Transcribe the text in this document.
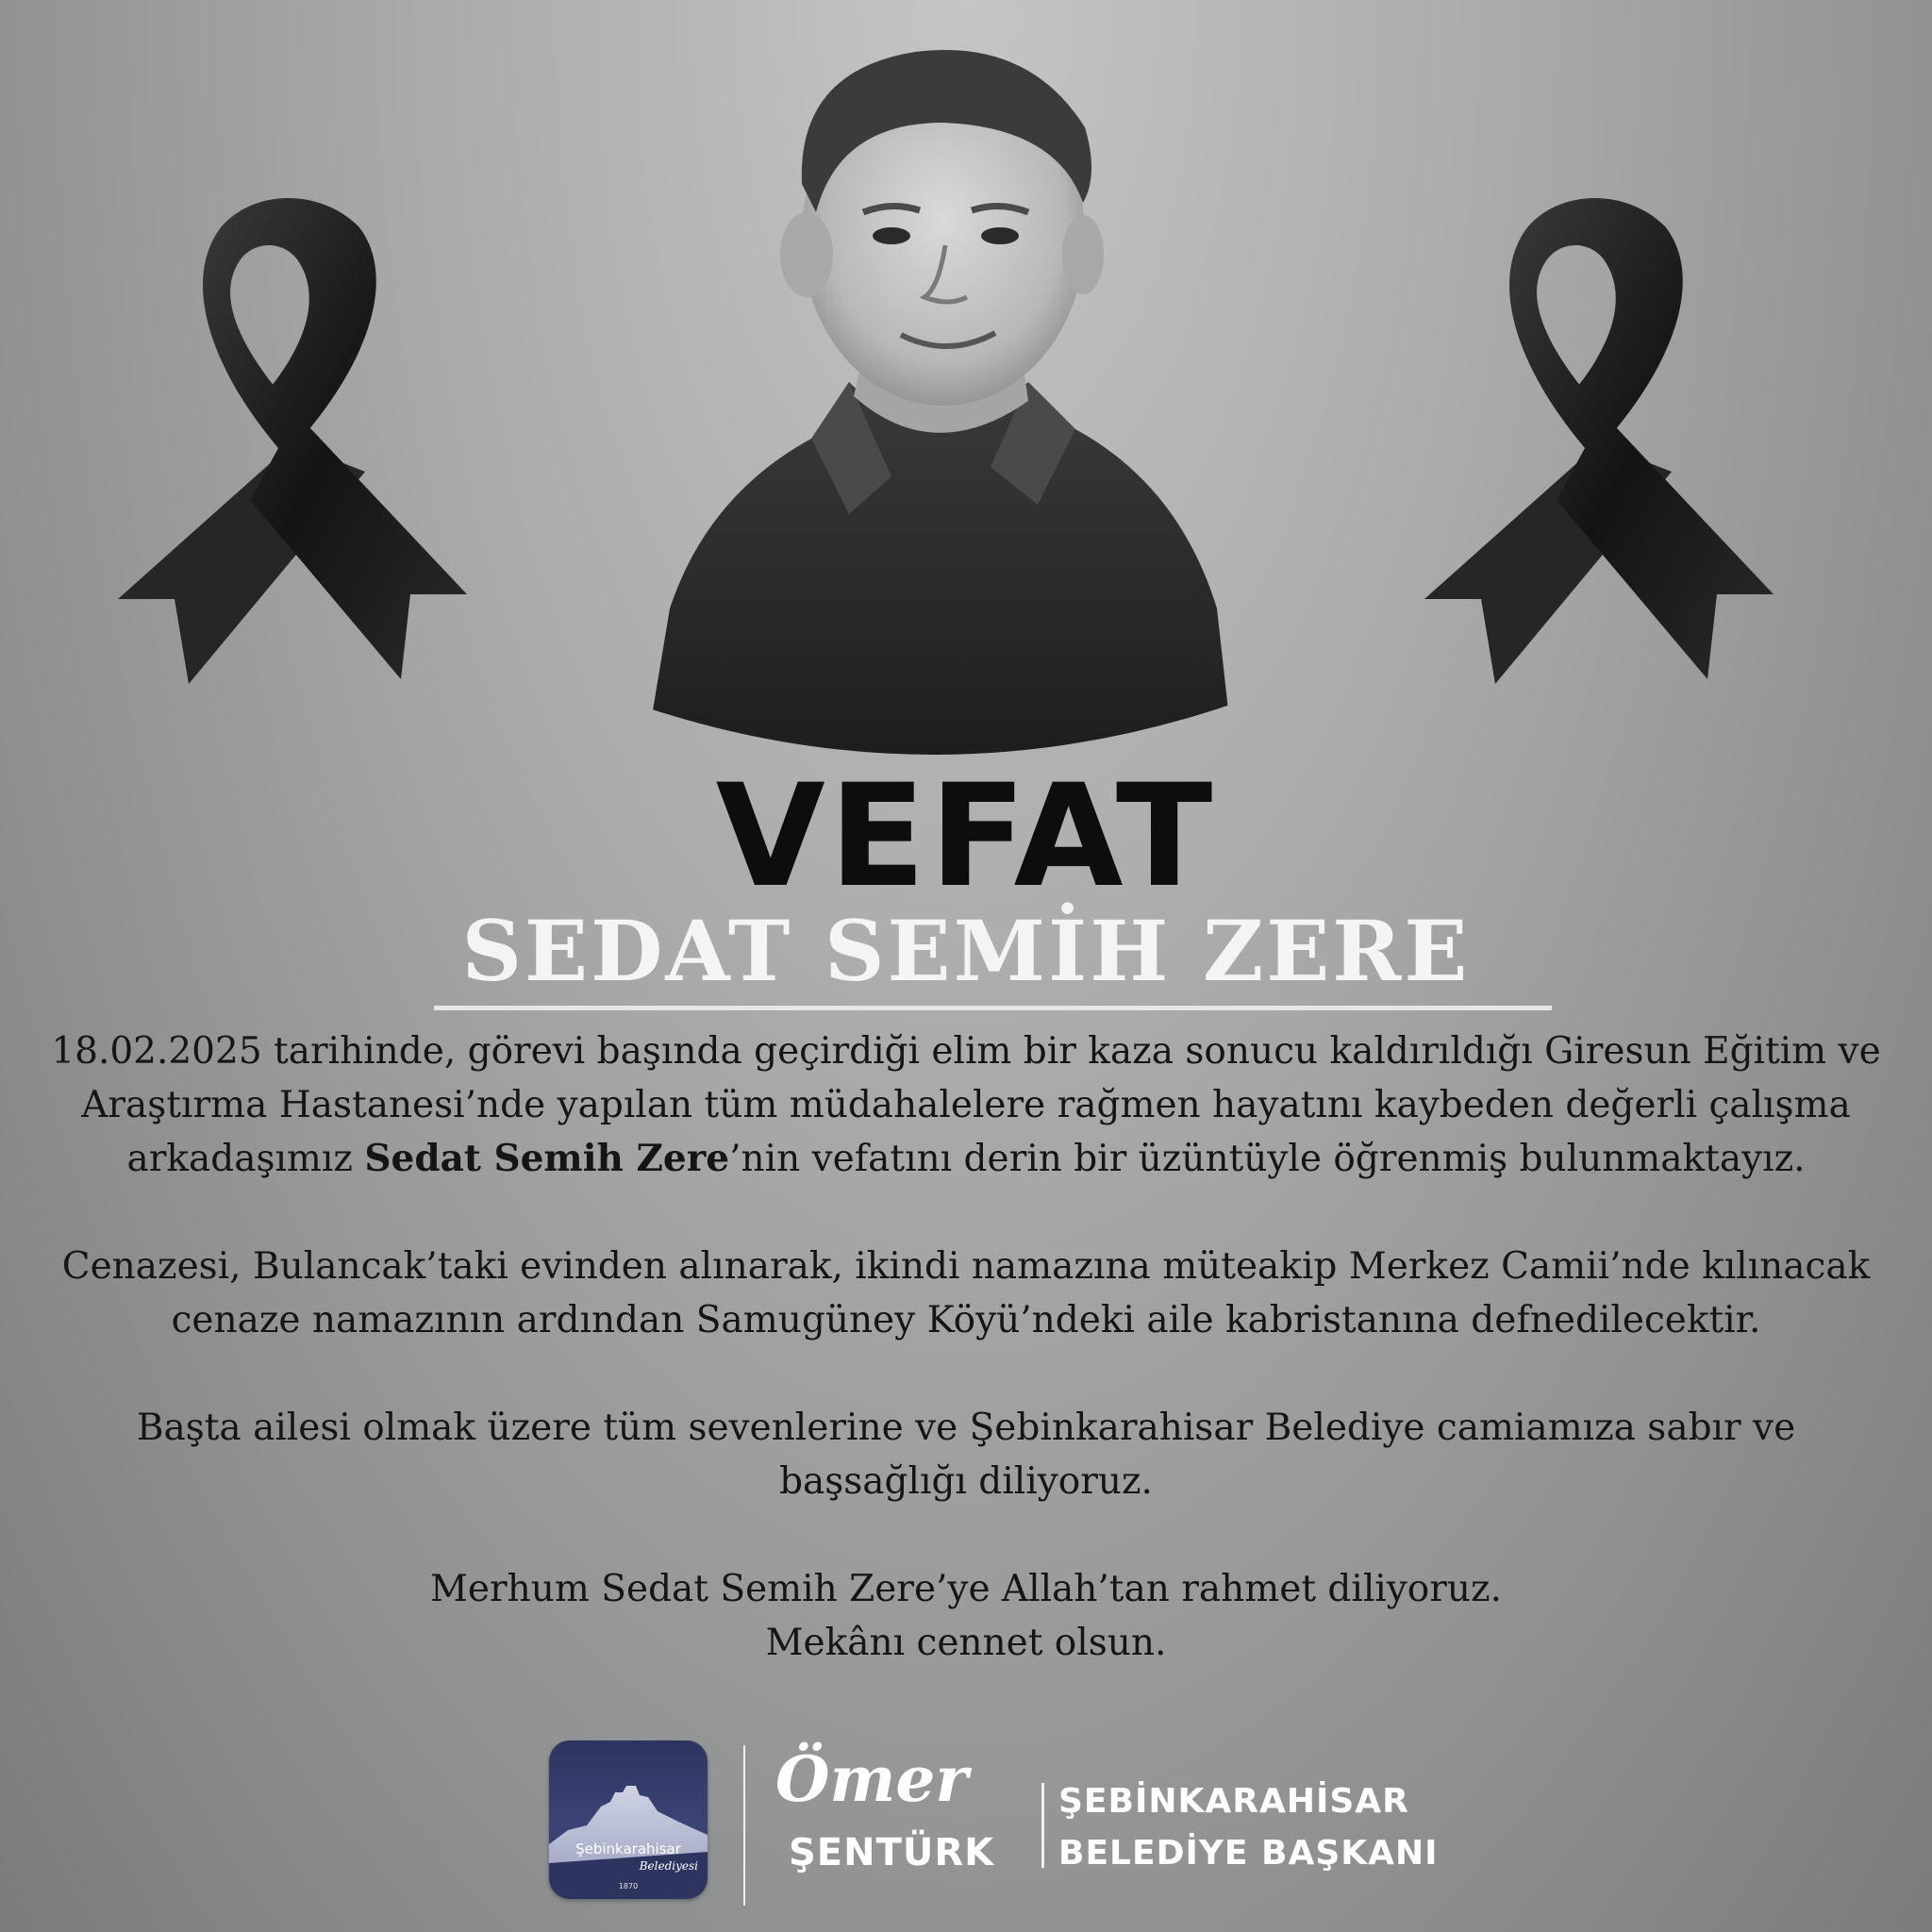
VEFAT
SEDAT SEMİH ZERE

18.02.2025 tarihinde, görevi başında geçirdiği elim bir kaza sonucu kaldırıldığı Giresun Eğitim ve Araştırma Hastanesi’nde yapılan tüm müdahalelere rağmen hayatını kaybeden değerli çalışma arkadaşımız Sedat Semih Zere’nin vefatını derin bir üzüntüyle öğrenmiş bulunmaktayız.

Cenazesi, Bulancak’taki evinden alınarak, ikindi namazına müteakip Merkez Camii’nde kılınacak cenaze namazının ardından Samugüney Köyü’ndeki aile kabristanına defnedilecektir.

Başta ailesi olmak üzere tüm sevenlerine ve Şebinkarahisar Belediye camiamıza sabır ve başsağlığı diliyoruz.

Merhum Sedat Semih Zere’ye Allah’tan rahmet diliyoruz.
Mekânı cennet olsun.

Şebinkarahisar
Belediyesi
1870
Ömer
ŞENTÜRK
ŞEBİNKARAHİSAR
BELEDİYE BAŞKANI
